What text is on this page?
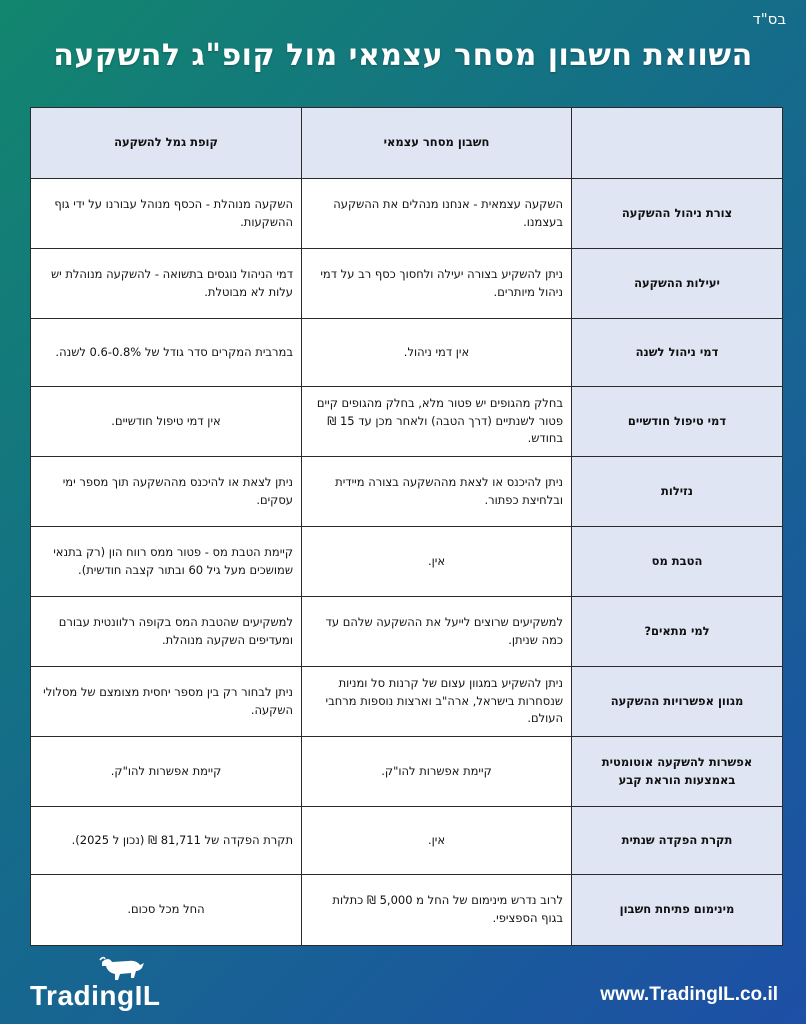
בס"ד
השוואת חשבון מסחר עצמאי מול קופ"ג להשקעה
	חשבון מסחר עצמאי	קופת גמל להשקעה
צורת ניהול ההשקעה	השקעה עצמאית - אנחנו מנהלים את ההשקעה בעצמנו.	השקעה מנוהלת - הכסף מנוהל עבורנו על ידי גוף ההשקעות.
יעילות ההשקעה	ניתן להשקיע בצורה יעילה ולחסוך כסף רב על דמי ניהול מיותרים.	דמי הניהול נוגסים בתשואה - להשקעה מנוהלת יש עלות לא מבוטלת.
דמי ניהול לשנה	אין דמי ניהול.	במרבית המקרים סדר גודל של 0.6-0.8% לשנה.
דמי טיפול חודשיים	בחלק מהגופים יש פטור מלא, בחלק מהגופים קיים פטור לשנתיים (דרך הטבה) ולאחר מכן עד 15 ₪ בחודש.	אין דמי טיפול חודשיים.
נזילות	ניתן להיכנס או לצאת מההשקעה בצורה מיידית ובלחיצת כפתור.	ניתן לצאת או להיכנס מההשקעה תוך מספר ימי עסקים.
הטבת מס	אין.	קיימת הטבת מס - פטור ממס רווח הון (רק בתנאי שמושכים מעל גיל 60 ובתור קצבה חודשית).
למי מתאים?	למשקיעים שרוצים לייעל את ההשקעה שלהם עד כמה שניתן.	למשקיעים שהטבת המס בקופה רלוונטית עבורם ומעדיפים השקעה מנוהלת.
מגוון אפשרויות ההשקעה	ניתן להשקיע במגוון עצום של קרנות סל ומניות שנסחרות בישראל, ארה"ב וארצות נוספות מרחבי העולם.	ניתן לבחור רק בין מספר יחסית מצומצם של מסלולי השקעה.
אפשרות להשקעה אוטומטית באמצעות הוראת קבע	קיימת אפשרות להו"ק.	קיימת אפשרות להו"ק.
תקרת הפקדה שנתית	אין.	תקרת הפקדה של 81,711 ₪ (נכון ל 2025).
מינימום פתיחת חשבון	לרוב נדרש מינימום של החל מ 5,000 ₪ כתלות בגוף הספציפי.	החל מכל סכום.
TradingIL	www.TradingIL.co.il
